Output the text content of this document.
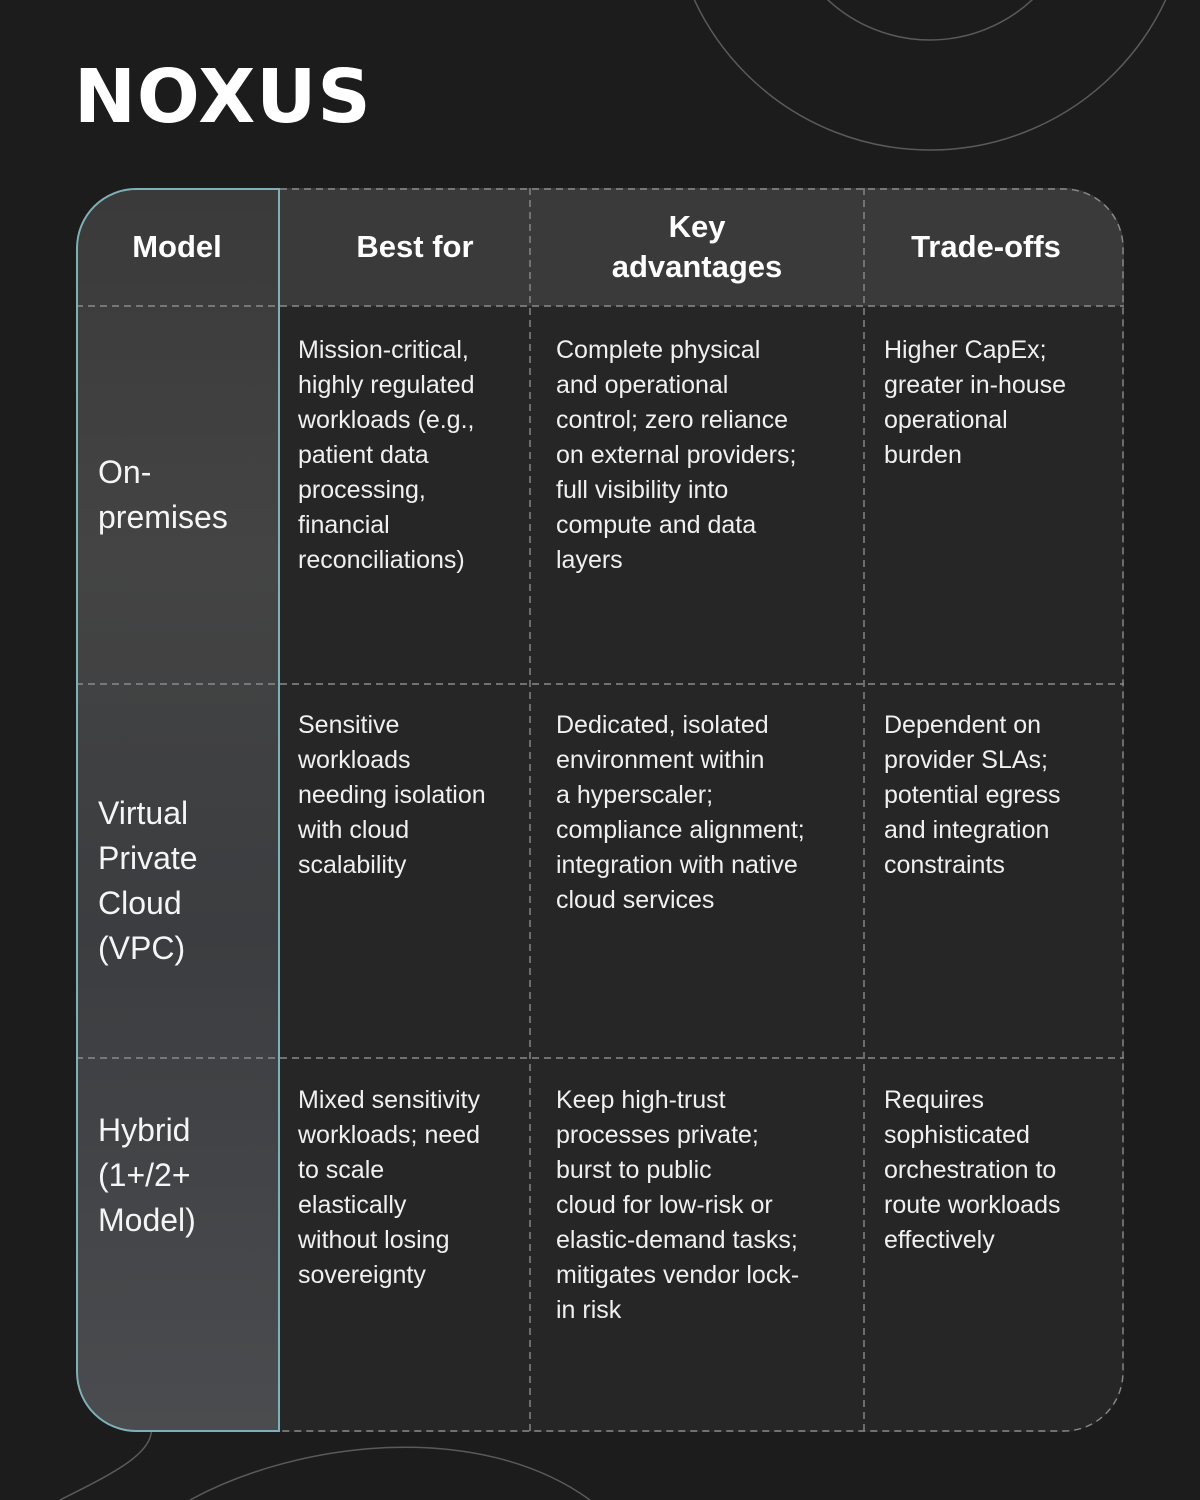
NOXUS
Model	Best for
Key advantages
Trade-offs
On-
premises
Virtual
Private
Cloud
(VPC)
Hybrid
(1+/2+
Model)
Mission-critical,
highly regulated
workloads (e.g.,
patient data
processing,
financial
reconciliations)
Complete physical
and operational
control; zero reliance
on external providers;
full visibility into
compute and data
layers
Higher CapEx;
greater in-house
operational
burden
Sensitive
workloads
needing isolation
with cloud
scalability
Dedicated, isolated
environment within
a hyperscaler;
compliance alignment;
integration with native
cloud services
Dependent on
provider SLAs;
potential egress
and integration
constraints
Mixed sensitivity
workloads; need
to scale
elastically
without losing
sovereignty
Keep high-trust
processes private;
burst to public
cloud for low-risk or
elastic-demand tasks;
mitigates vendor lock-
in risk
Requires
sophisticated
orchestration to
route workloads
effectively
